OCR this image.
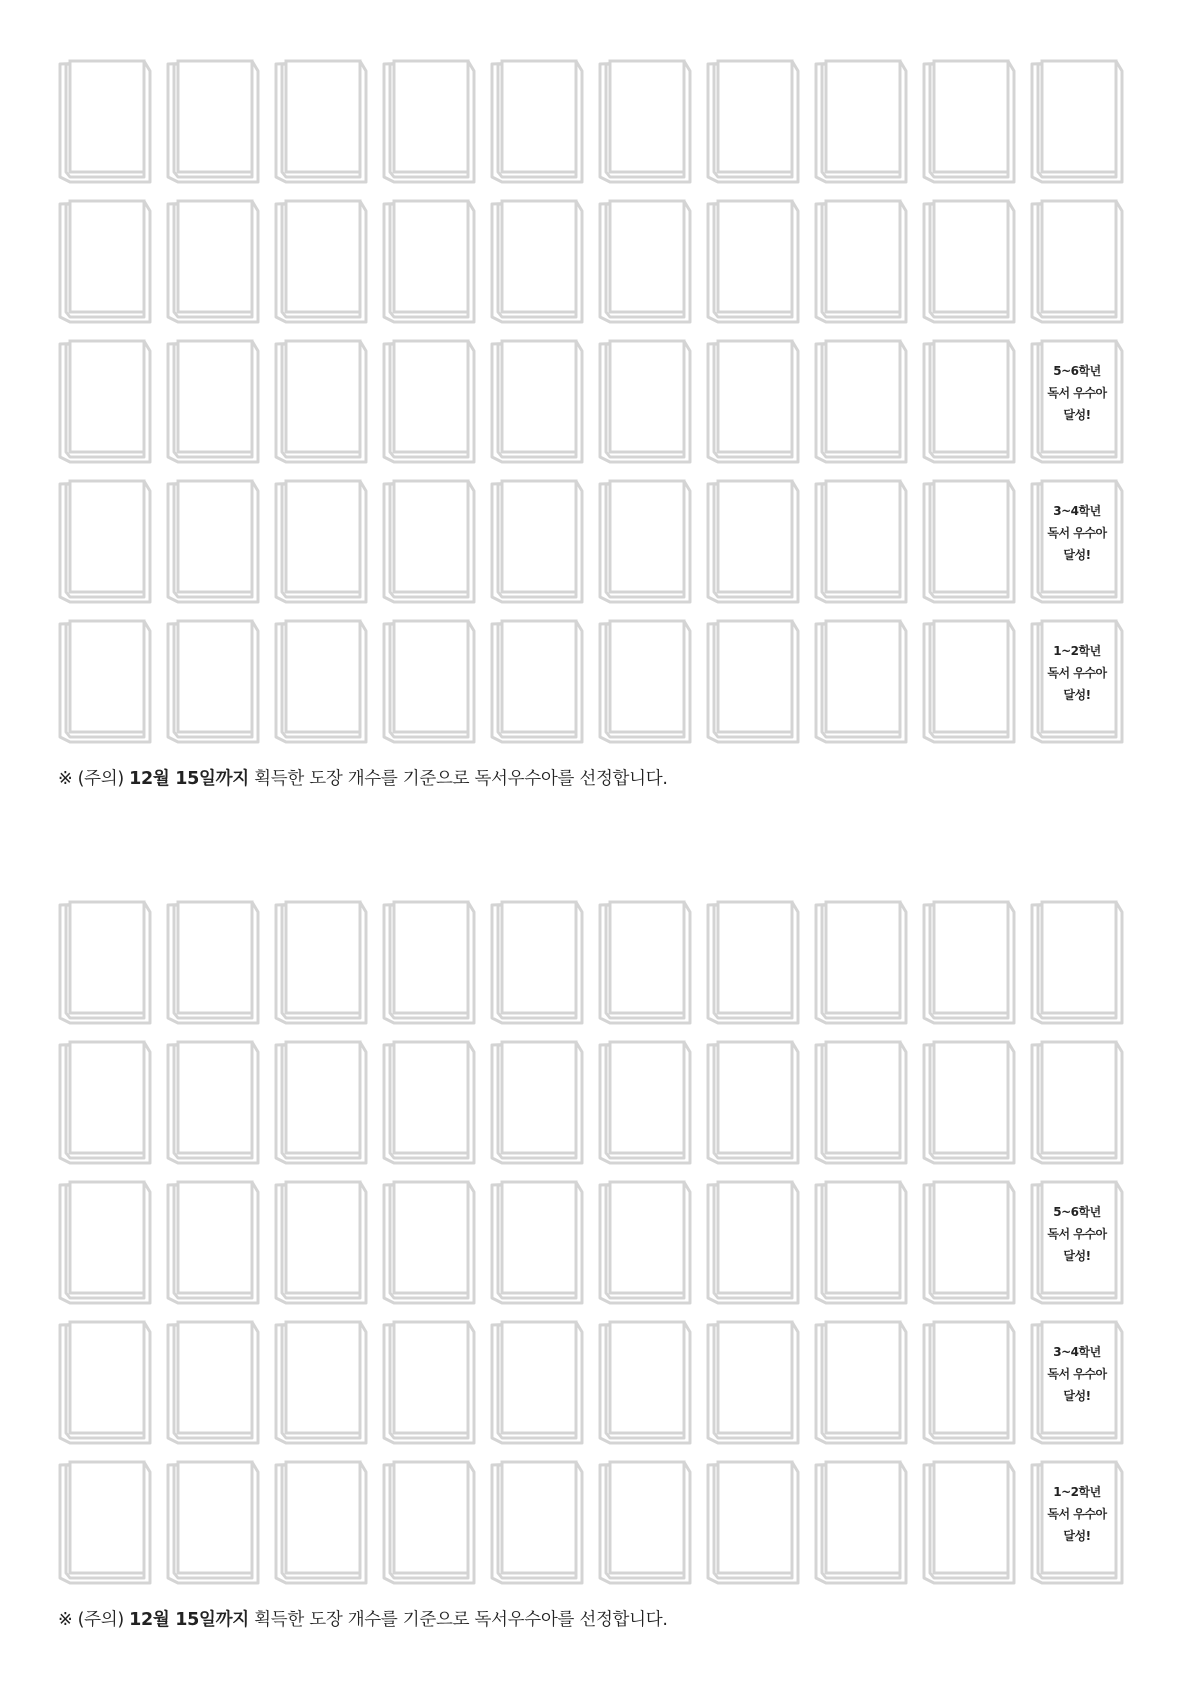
5~6학년
독서 우수아
달성!
3~4학년
독서 우수아
달성!
1~2학년
독서 우수아
달성!
※ (주의) 12월 15일까지 획득한 도장 개수를 기준으로 독서우수아를 선정합니다.
5~6학년
독서 우수아
달성!
3~4학년
독서 우수아
달성!
1~2학년
독서 우수아
달성!
※ (주의) 12월 15일까지 획득한 도장 개수를 기준으로 독서우수아를 선정합니다.
